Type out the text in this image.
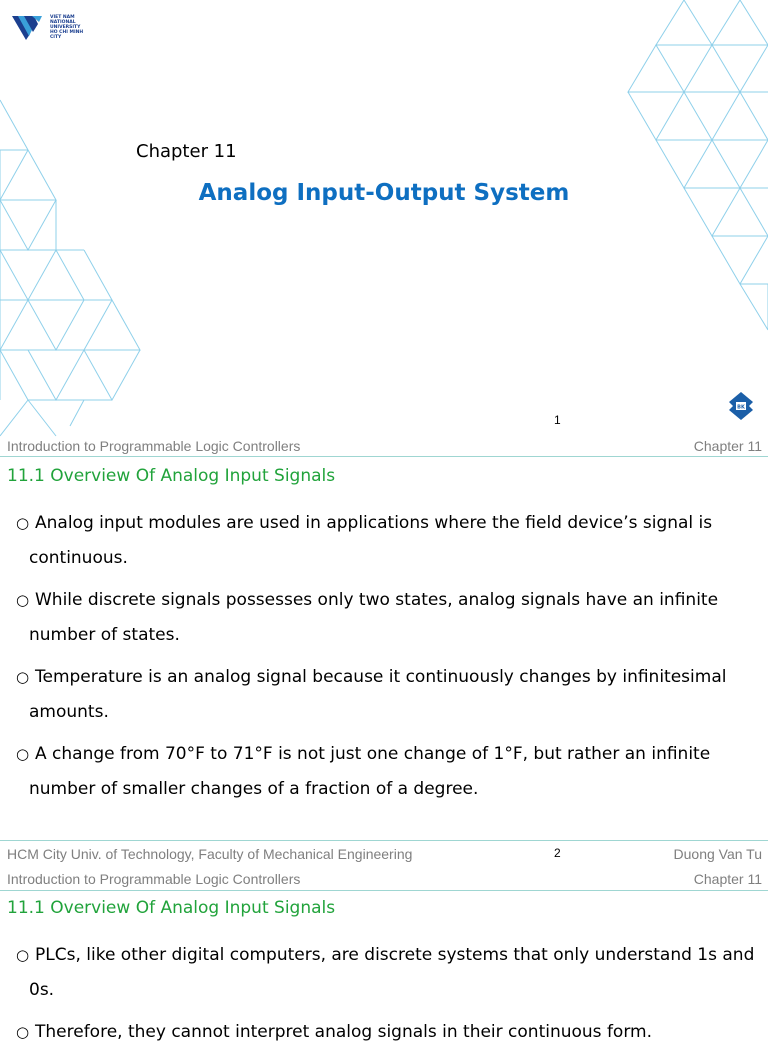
VIET NAM
NATIONAL
UNIVERSITY
HO CHI MINH CITY
Chapter 11
Analog Input-Output System
1
BK
Introduction to Programmable Logic Controllers	Chapter 11
11.1 Overview Of Analog Input Signals
○ Analog input modules are used in applications where the field device’s signal is
continuous.
○ While discrete signals possesses only two states, analog signals have an infinite
number of states.
○ Temperature is an analog signal because it continuously changes by infinitesimal
amounts.
○ A change from 70°F to 71°F is not just one change of 1°F, but rather an infinite
number of smaller changes of a fraction of a degree.
HCM City Univ. of Technology, Faculty of Mechanical Engineering	2	Duong Van Tu
Introduction to Programmable Logic Controllers	Chapter 11
11.1 Overview Of Analog Input Signals
○ PLCs, like other digital computers, are discrete systems that only understand 1s and
0s.
○ Therefore, they cannot interpret analog signals in their continuous form.
